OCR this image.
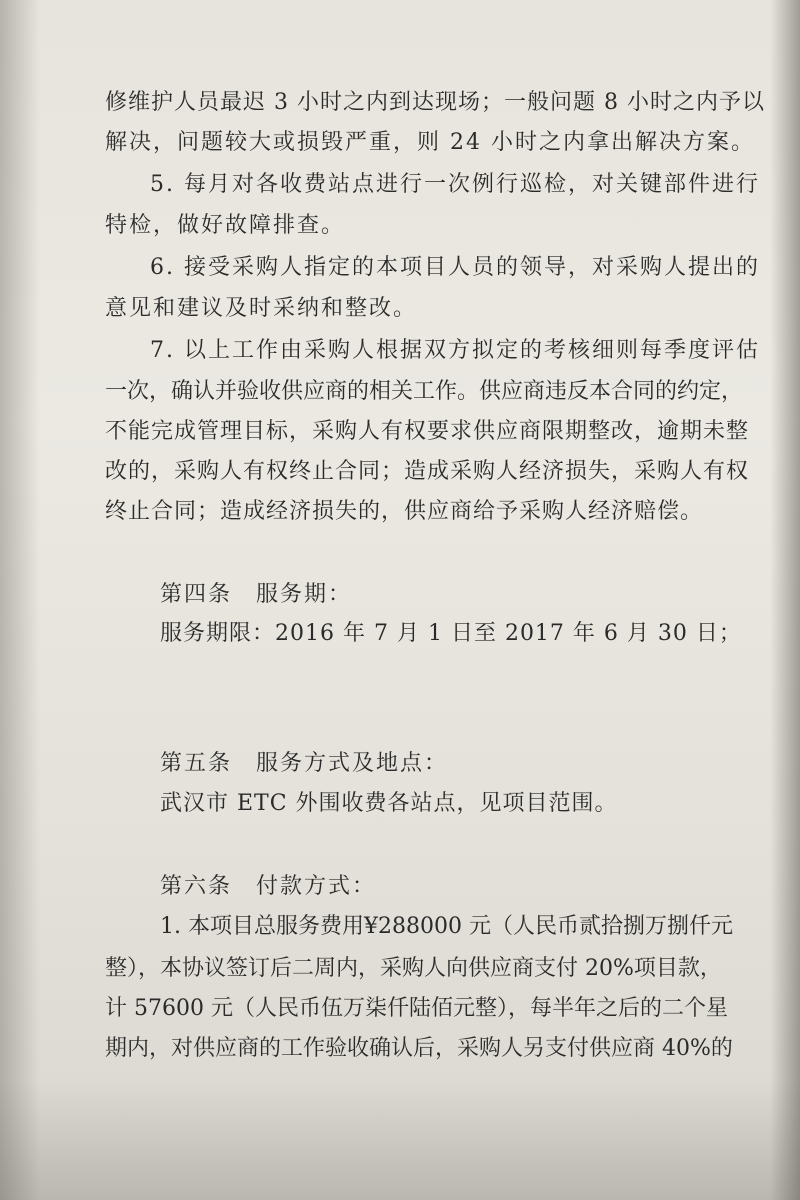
修维护人员最迟 3 小时之内到达现场；一般问题 8 小时之内予以

解决，问题较大或损毁严重，则 24 小时之内拿出解决方案。

5. 每月对各收费站点进行一次例行巡检，对关键部件进行

特检，做好故障排查。

6. 接受采购人指定的本项目人员的领导，对采购人提出的

意见和建议及时采纳和整改。

7. 以上工作由采购人根据双方拟定的考核细则每季度评估

一次，确认并验收供应商的相关工作。供应商违反本合同的约定，

不能完成管理目标，采购人有权要求供应商限期整改，逾期未整

改的，采购人有权终止合同；造成采购人经济损失，采购人有权

终止合同；造成经济损失的，供应商给予采购人经济赔偿。

第四条　服务期：

服务期限：2016 年 7 月 1 日至 2017 年 6 月 30 日；

第五条　服务方式及地点：

武汉市 ETC 外围收费各站点，见项目范围。

第六条　付款方式：

1. 本项目总服务费用¥288000 元（人民币贰拾捌万捌仟元

整），本协议签订后二周内，采购人向供应商支付 20%项目款，

计 57600 元（人民币伍万柒仟陆佰元整），每半年之后的二个星

期内，对供应商的工作验收确认后，采购人另支付供应商 40%的
